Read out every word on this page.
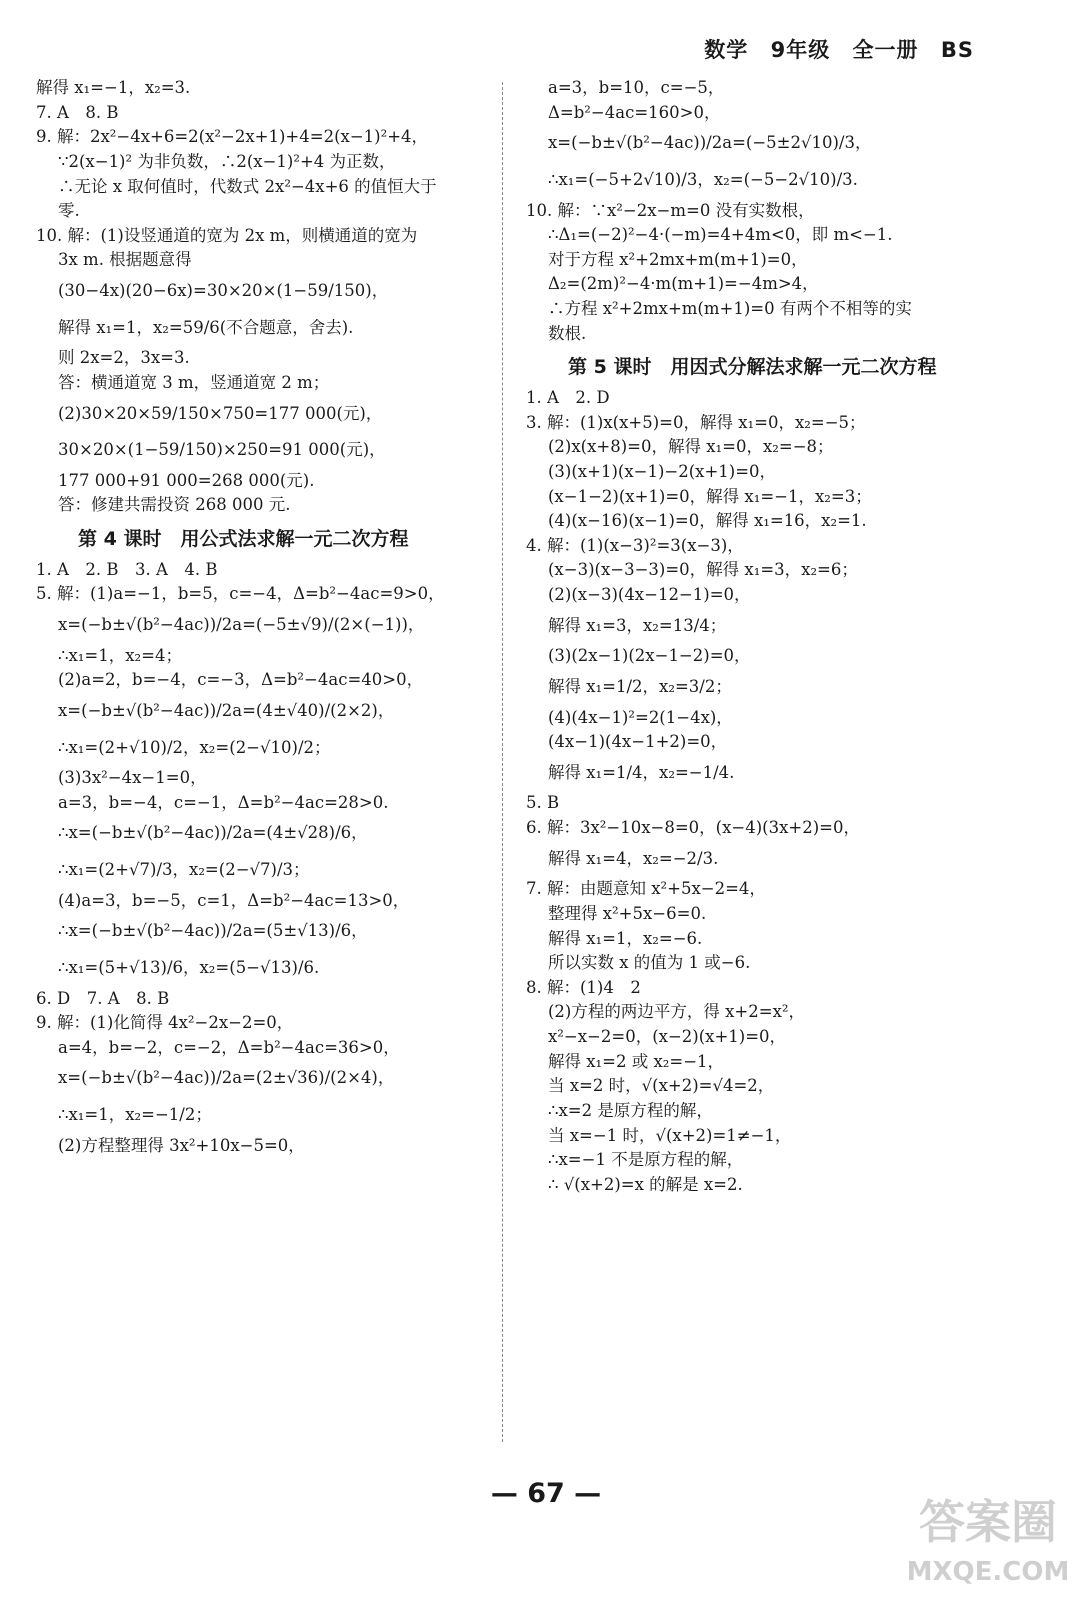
数学 9年级 全一册 BS
解得 x₁=−1，x₂=3.
7. A　8. B
9. 解：2x²−4x+6=2(x²−2x+1)+4=2(x−1)²+4，
∵2(x−1)² 为非负数，∴2(x−1)²+4 为正数，
∴无论 x 取何值时，代数式 2x²−4x+6 的值恒大于
零.
10. 解：(1)设竖通道的宽为 2x m，则横通道的宽为
3x m. 根据题意得
(30−4x)(20−6x)=30×20×(1−59/150)，
解得 x₁=1，x₂=59/6(不合题意，舍去).
则 2x=2，3x=3.
答：横通道宽 3 m，竖通道宽 2 m；
(2)30×20×59/150×750=177 000(元)，
30×20×(1−59/150)×250=91 000(元)，
177 000+91 000=268 000(元).
答：修建共需投资 268 000 元.
第 4 课时　用公式法求解一元二次方程
1. A　2. B　3. A　4. B
5. 解：(1)a=−1，b=5，c=−4，Δ=b²−4ac=9>0，
x=(−b±√(b²−4ac))/2a=(−5±√9)/(2×(−1))，
∴x₁=1，x₂=4；
(2)a=2，b=−4，c=−3，Δ=b²−4ac=40>0，
x=(−b±√(b²−4ac))/2a=(4±√40)/(2×2)，
∴x₁=(2+√10)/2，x₂=(2−√10)/2；
(3)3x²−4x−1=0，
a=3，b=−4，c=−1，Δ=b²−4ac=28>0.
∴x=(−b±√(b²−4ac))/2a=(4±√28)/6，
∴x₁=(2+√7)/3，x₂=(2−√7)/3；
(4)a=3，b=−5，c=1，Δ=b²−4ac=13>0，
∴x=(−b±√(b²−4ac))/2a=(5±√13)/6，
∴x₁=(5+√13)/6，x₂=(5−√13)/6.
6. D　7. A　8. B
9. 解：(1)化简得 4x²−2x−2=0，
a=4，b=−2，c=−2，Δ=b²−4ac=36>0，
x=(−b±√(b²−4ac))/2a=(2±√36)/(2×4)，
∴x₁=1，x₂=−1/2；
(2)方程整理得 3x²+10x−5=0，
a=3，b=10，c=−5，
Δ=b²−4ac=160>0，
x=(−b±√(b²−4ac))/2a=(−5±2√10)/3，
∴x₁=(−5+2√10)/3，x₂=(−5−2√10)/3.
10. 解：∵x²−2x−m=0 没有实数根，
∴Δ₁=(−2)²−4·(−m)=4+4m<0，即 m<−1.
对于方程 x²+2mx+m(m+1)=0，
Δ₂=(2m)²−4·m(m+1)=−4m>4，
∴方程 x²+2mx+m(m+1)=0 有两个不相等的实
数根.
第 5 课时　用因式分解法求解一元二次方程
1. A　2. D
3. 解：(1)x(x+5)=0，解得 x₁=0，x₂=−5；
(2)x(x+8)=0，解得 x₁=0，x₂=−8；
(3)(x+1)(x−1)−2(x+1)=0，
(x−1−2)(x+1)=0，解得 x₁=−1，x₂=3；
(4)(x−16)(x−1)=0，解得 x₁=16，x₂=1.
4. 解：(1)(x−3)²=3(x−3)，
(x−3)(x−3−3)=0，解得 x₁=3，x₂=6；
(2)(x−3)(4x−12−1)=0，
解得 x₁=3，x₂=13/4；
(3)(2x−1)(2x−1−2)=0，
解得 x₁=1/2，x₂=3/2；
(4)(4x−1)²=2(1−4x)，
(4x−1)(4x−1+2)=0，
解得 x₁=1/4，x₂=−1/4.
5. B
6. 解：3x²−10x−8=0，(x−4)(3x+2)=0，
解得 x₁=4，x₂=−2/3.
7. 解：由题意知 x²+5x−2=4，
整理得 x²+5x−6=0.
解得 x₁=1，x₂=−6.
所以实数 x 的值为 1 或−6.
8. 解：(1)4　2
(2)方程的两边平方，得 x+2=x²，
x²−x−2=0，(x−2)(x+1)=0，
解得 x₁=2 或 x₂=−1，
当 x=2 时，√(x+2)=√4=2，
∴x=2 是原方程的解，
当 x=−1 时，√(x+2)=1≠−1，
∴x=−1 不是原方程的解，
∴ √(x+2)=x 的解是 x=2.
— 67 —
答案圈
MXQE.COM
